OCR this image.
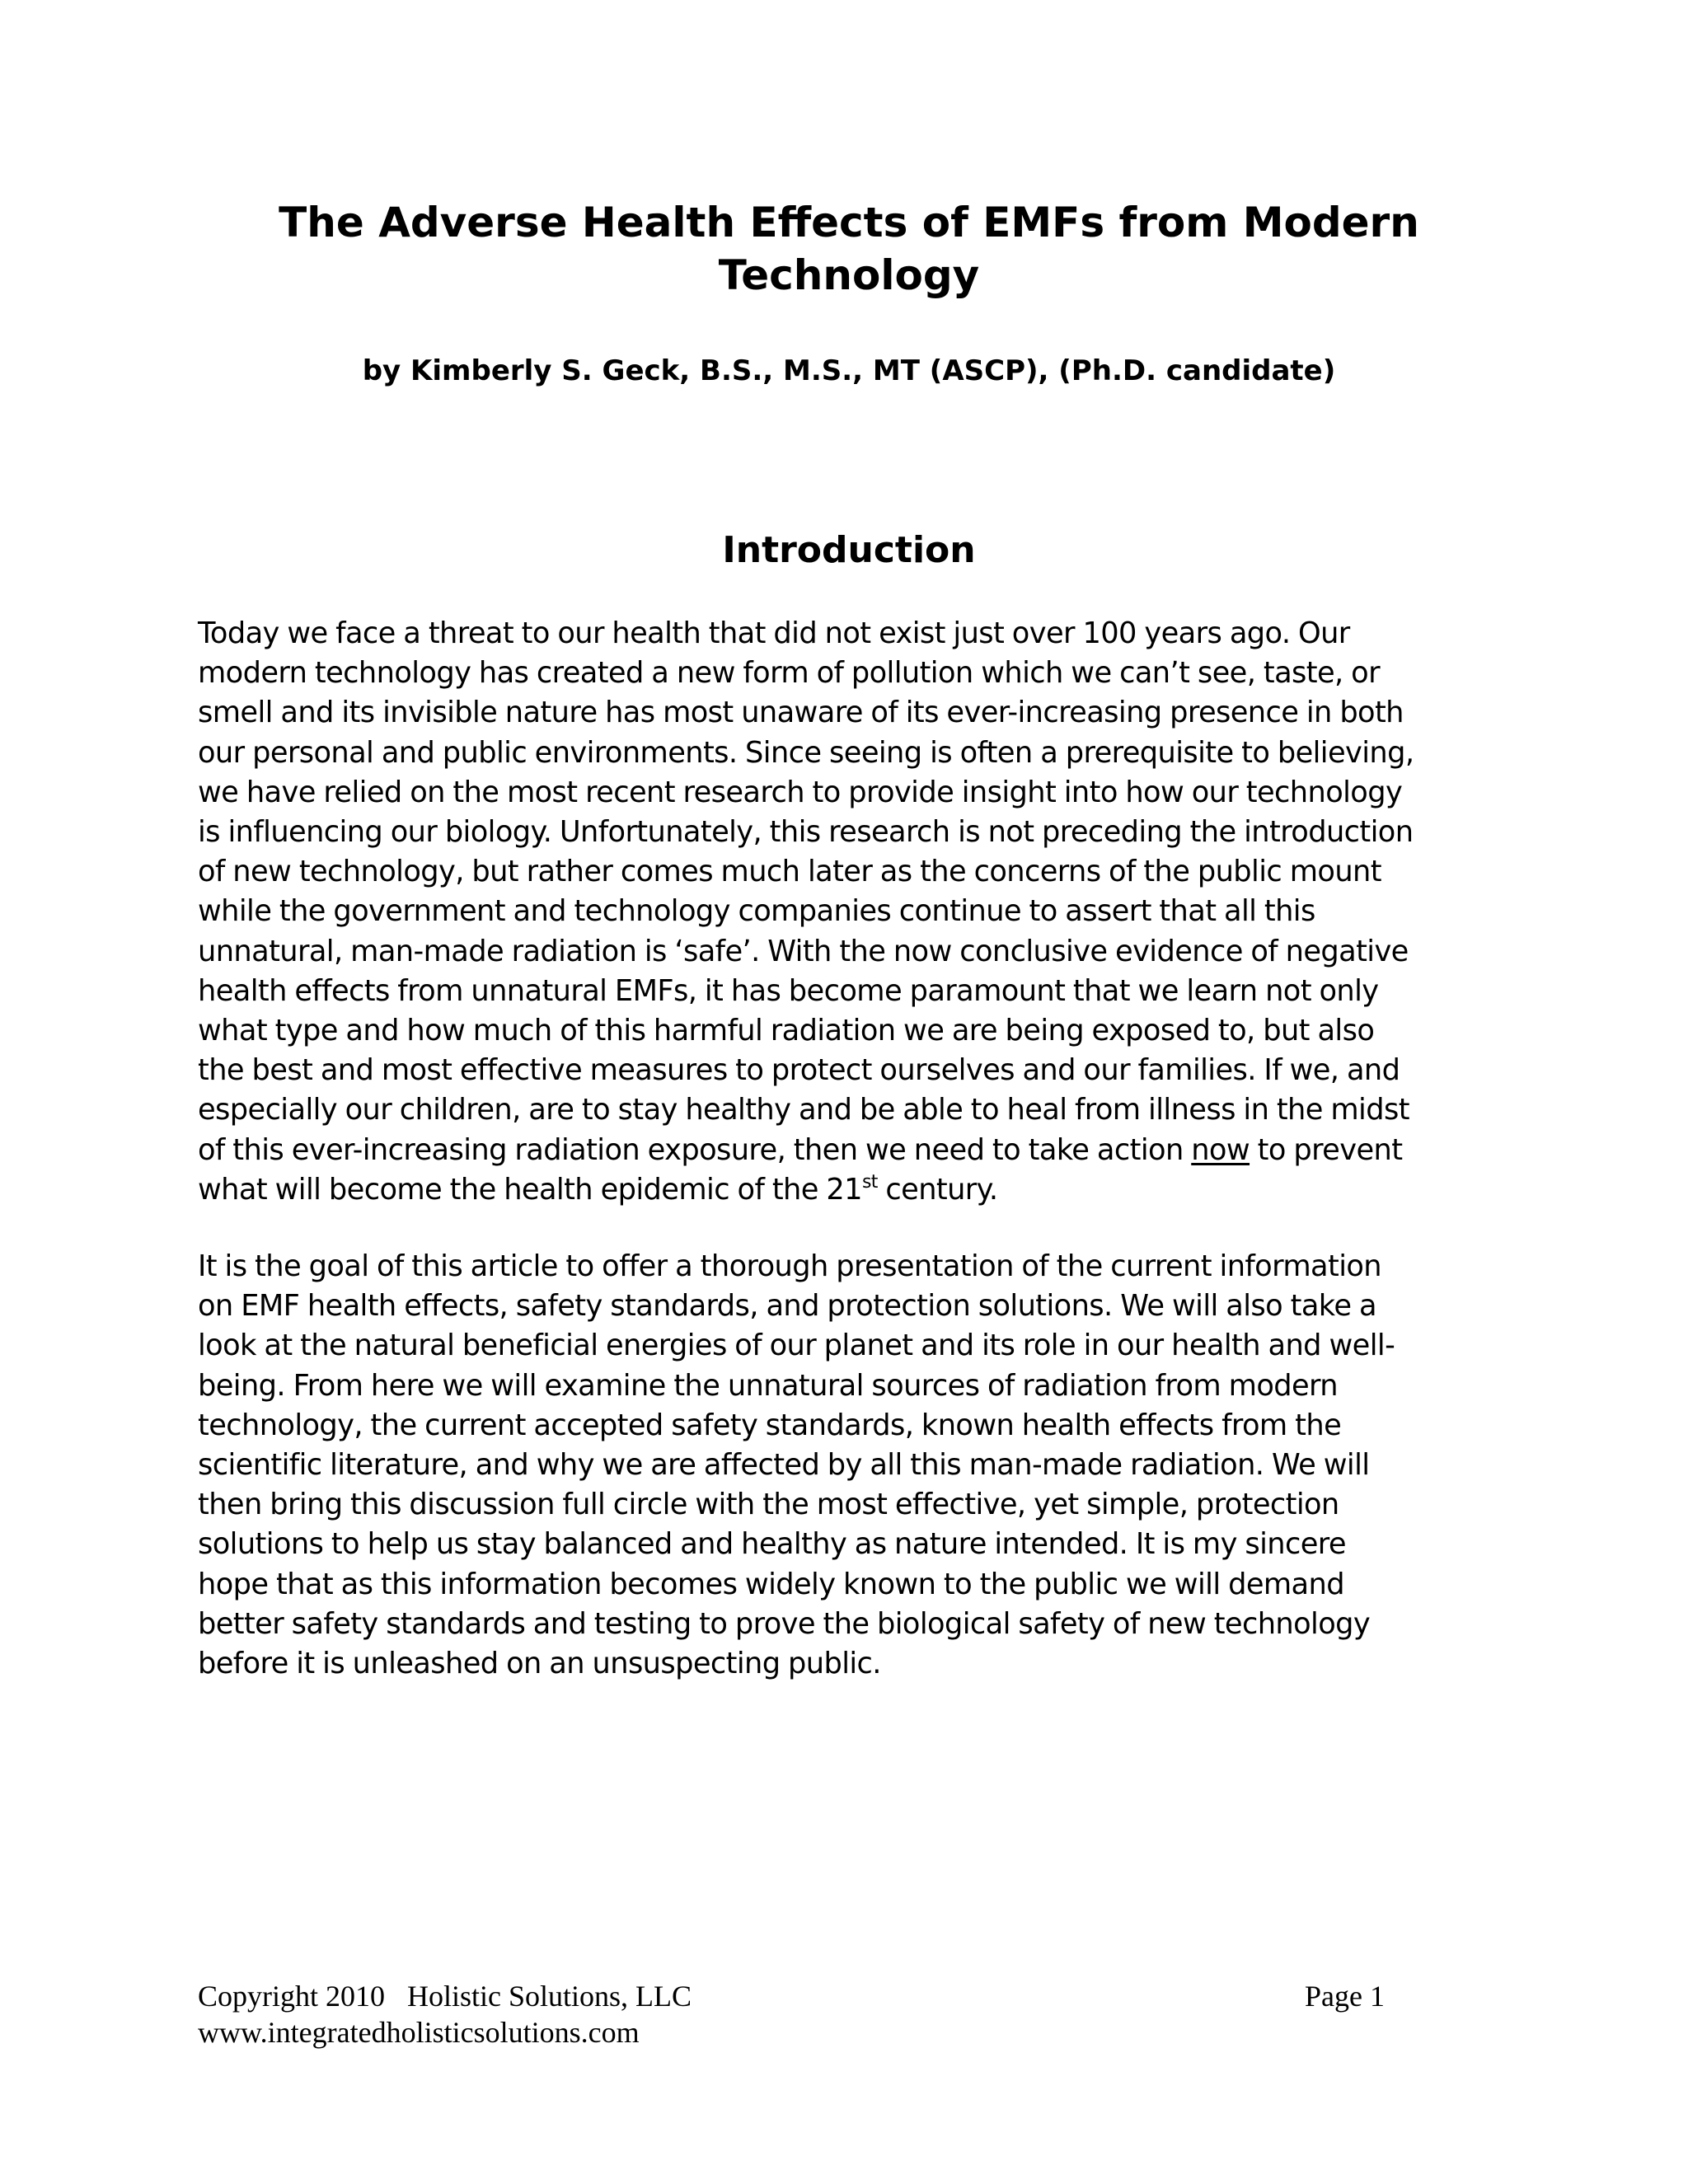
The Adverse Health Effects of EMFs from Modern
Technology
by Kimberly S. Geck, B.S., M.S., MT (ASCP), (Ph.D. candidate)
Introduction
Today we face a threat to our health that did not exist just over 100 years ago. Our
modern technology has created a new form of pollution which we can’t see, taste, or
smell and its invisible nature has most unaware of its ever-increasing presence in both
our personal and public environments. Since seeing is often a prerequisite to believing,
we have relied on the most recent research to provide insight into how our technology
is influencing our biology. Unfortunately, this research is not preceding the introduction
of new technology, but rather comes much later as the concerns of the public mount
while the government and technology companies continue to assert that all this
unnatural, man-made radiation is ‘safe’. With the now conclusive evidence of negative
health effects from unnatural EMFs, it has become paramount that we learn not only
what type and how much of this harmful radiation we are being exposed to, but also
the best and most effective measures to protect ourselves and our families. If we, and
especially our children, are to stay healthy and be able to heal from illness in the midst
of this ever-increasing radiation exposure, then we need to take action now to prevent
what will become the health epidemic of the 21st century.
It is the goal of this article to offer a thorough presentation of the current information
on EMF health effects, safety standards, and protection solutions. We will also take a
look at the natural beneficial energies of our planet and its role in our health and well-
being. From here we will examine the unnatural sources of radiation from modern
technology, the current accepted safety standards, known health effects from the
scientific literature, and why we are affected by all this man-made radiation. We will
then bring this discussion full circle with the most effective, yet simple, protection
solutions to help us stay balanced and healthy as nature intended. It is my sincere
hope that as this information becomes widely known to the public we will demand
better safety standards and testing to prove the biological safety of new technology
before it is unleashed on an unsuspecting public.
Copyright 2010   Holistic Solutions, LLC	Page 1
www.integratedholisticsolutions.com
